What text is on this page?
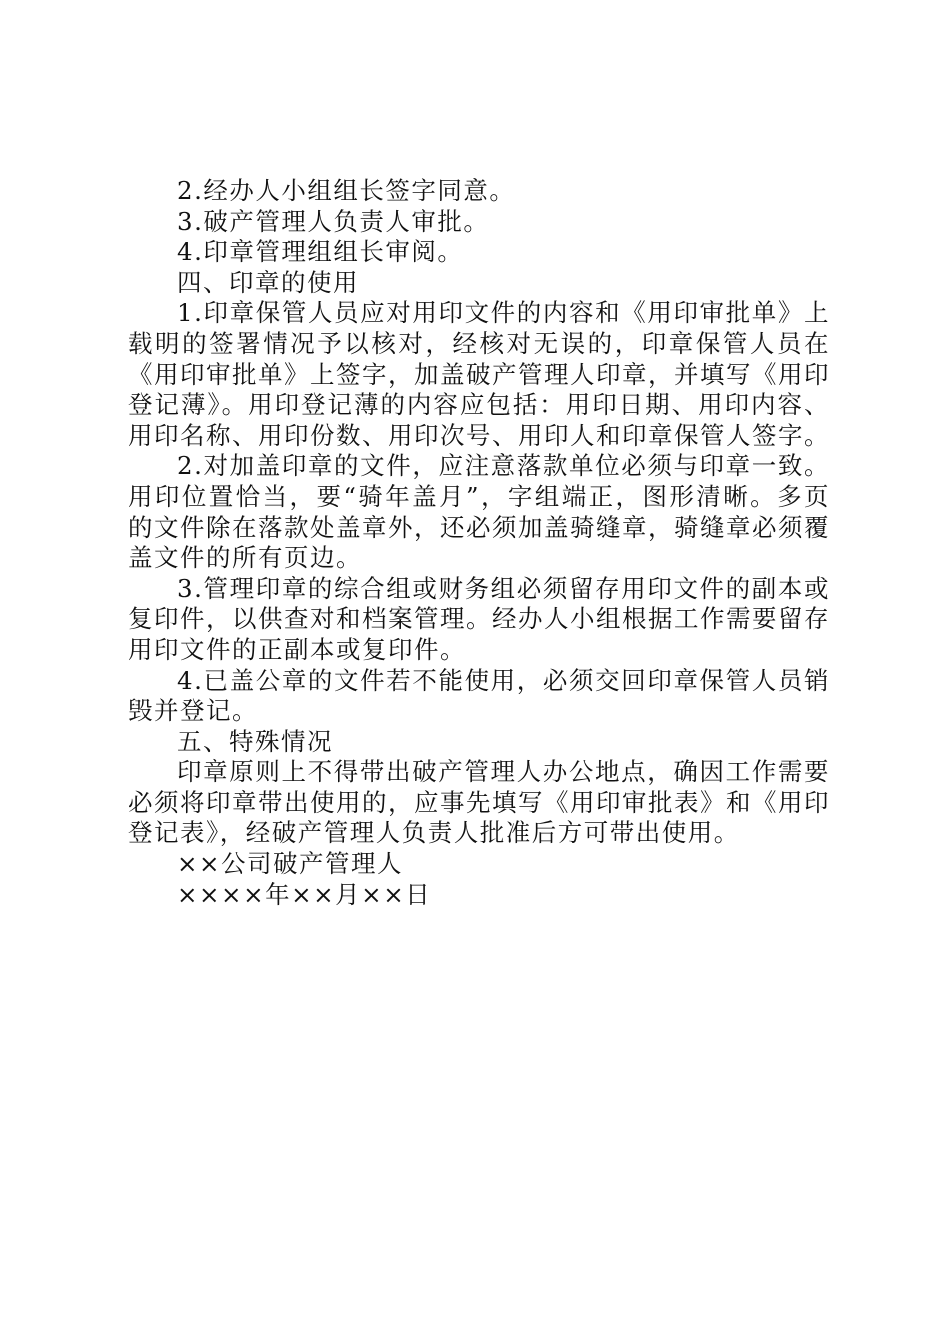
2.经办人小组组长签字同意。

3.破产管理人负责人审批。

4.印章管理组组长审阅。

四、印章的使用

1.印章保管人员应对用印文件的内容和《用印审批单》上载明的签署情况予以核对，经核对无误的，印章保管人员在《用印审批单》上签字，加盖破产管理人印章，并填写《用印登记薄》。用印登记薄的内容应包括：用印日期、用印内容、用印名称、用印份数、用印次号、用印人和印章保管人签字。

2.对加盖印章的文件，应注意落款单位必须与印章一致。用印位置恰当，要“骑年盖月”，字组端正，图形清晰。多页的文件除在落款处盖章外，还必须加盖骑缝章，骑缝章必须覆盖文件的所有页边。

3.管理印章的综合组或财务组必须留存用印文件的副本或复印件，以供查对和档案管理。经办人小组根据工作需要留存用印文件的正副本或复印件。

4.已盖公章的文件若不能使用，必须交回印章保管人员销毁并登记。

五、特殊情况

印章原则上不得带出破产管理人办公地点，确因工作需要必须将印章带出使用的，应事先填写《用印审批表》和《用印登记表》，经破产管理人负责人批准后方可带出使用。

××公司破产管理人

××××年××月××日
